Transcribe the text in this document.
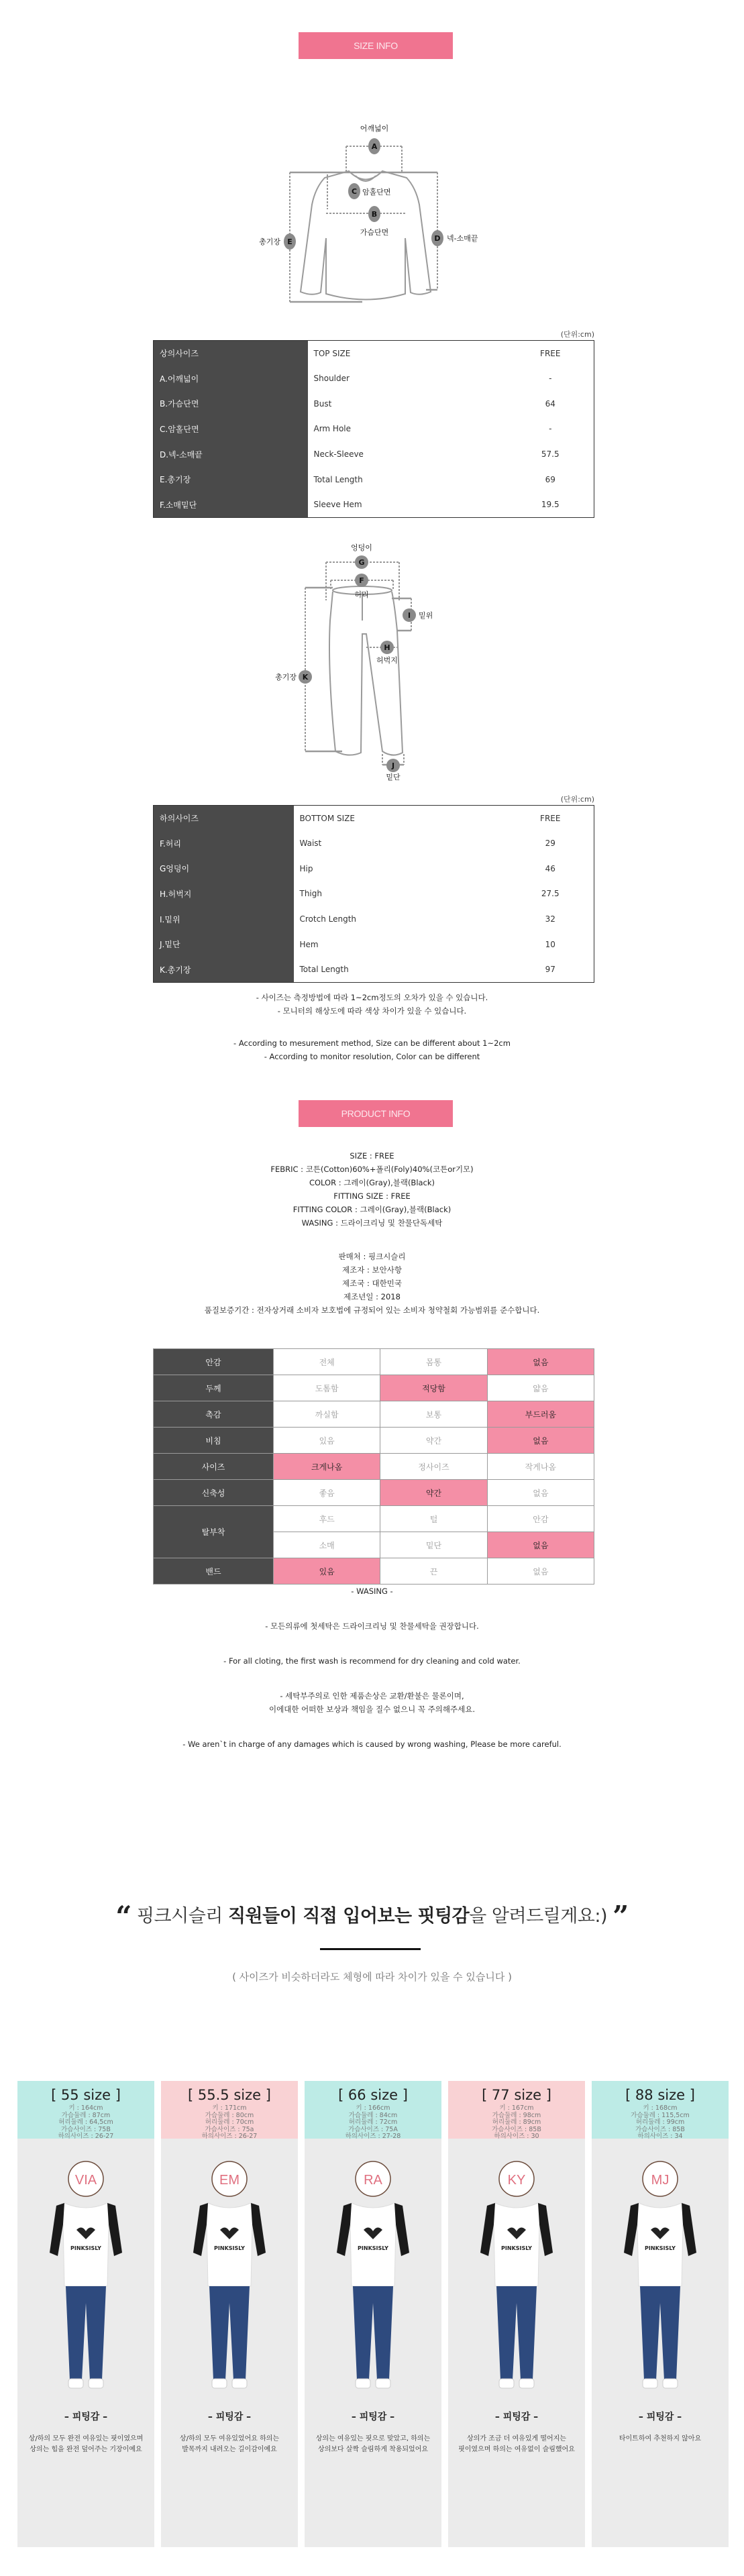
SIZE INFO
A
C
B
D
E
어깨넓이
암홀단면
가슴단면
넥-소매끝
총기장
(단위:cm)
상의사이즈	TOP SIZE	FREE
A.어깨넓이	Shoulder	-
B.가슴단면	Bust	64
C.암홀단면	Arm Hole	-
D.넥-소매끝	Neck-Sleeve	57.5
E.총기장	Total Length	69
F.소매밑단	Sleeve Hem	19.5
G
F
H
I
J
K
엉덩이
허리
허벅지
밑위
총기장
밑단
(단위:cm)
하의사이즈	BOTTOM SIZE	FREE
F.허리	Waist	29
G엉덩이	Hip	46
H.허벅지	Thigh	27.5
I.밑위	Crotch Length	32
J.밑단	Hem	10
K.총기장	Total Length	97
- 사이즈는 측정방법에 따라 1~2cm정도의 오차가 있을 수 있습니다.
- 모니터의 해상도에 따라 색상 차이가 있을 수 있습니다.
- According to mesurement method, Size can be different about 1~2cm
- According to monitor resolution, Color can be different
PRODUCT INFO
SIZE : FREE
FEBRIC : 코튼(Cotton)60%+폴리(Foly)40%(코튼or기모)
COLOR : 그레이(Gray),블랙(Black)
FITTING SIZE : FREE
FITTING COLOR : 그레이(Gray),블랙(Black)
WASING : 드라이크리닝 및 찬물단독세탁
판매처 : 핑크시슬리
제조자 : 보안사항
제조국 : 대한민국
제조년일 : 2018
품질보증기간 : 전자상거래 소비자 보호법에 규정되어 있는 소비자 청약철회 가능범위를 준수합니다.
안감	전체	몸통	없음
두께	도톰함	적당함	얇음
촉감	까실함	보통	부드러움
비침	있음	약간	없음
사이즈	크게나옴	정사이즈	작게나옴
신축성	좋음	약간	없음
탈부착	후드	털	안감
	소매	밑단	없음
밴드	있음	끈	없음
- WASING -
- 모든의류에 첫세탁은 드라이크리닝 및 찬물세탁을 권장합니다.
- For all cloting, the first wash is recommend for dry cleaning and cold water.
- 세탁부주의로 인한 제품손상은 교환/환불은 물론이며,
이에대한 어떠한 보상과 책임을 질수 없으니 꼭 주의해주세요.
- We aren`t in charge of any damages which is caused by wrong washing, Please be more careful.
“ 핑크시슬리 직원들이 직접 입어보는 핏팅감을 알려드릴게요:) ”
( 사이즈가 비슷하더라도 체형에 따라 차이가 있을 수 있습니다 )
[ 55 size ]
키 : 164cm
가슴둘레 : 87cm
허리둘레 : 64,5cm
가슴사이즈 : 75B
하의사이즈 : 26-27
PINKSISLY
VIA
– 피팅감 –
상/하의 모두 완전 여유있는 핏이였으며
상의는 힙을 완전 덮어주는 기장이예요
[ 55.5 size ]
키 : 171cm
가슴둘레 : 80cm
허리둘레 : 70cm
가슴사이즈 : 75a
하의사이즈 : 26-27
PINKSISLY
EM
– 피팅감 –
상/하의 모두 여유있었어요 하의는
발목까지 내려오는 길이감이예요
[ 66 size ]
키 : 166cm
가슴둘레 : 84cm
허리둘레 : 72cm
가슴사이즈 : 75A
하의사이즈 : 27-28
PINKSISLY
RA
– 피팅감 –
상의는 여유있는 핏으로 맞았고, 하의는
상의보다 살짝 슬림하게 착용되었어요
[ 77 size ]
키 : 167cm
가슴둘레 : 98cm
허리둘레 : 89cm
가슴사이즈 : 85B
하의사이즈 : 30
PINKSISLY
KY
– 피팅감 –
상의가 조금 더 여유있게 떨어지는
핏이였으며 하의는 여유없이 슬림했어요
[ 88 size ]
키 : 168cm
가슴둘레 : 115,5cm
허리둘레 : 99cm
가슴사이즈 : 85B
하의사이즈 : 34
PINKSISLY
MJ
– 피팅감 –
타이트하여 추천하지 않아요
